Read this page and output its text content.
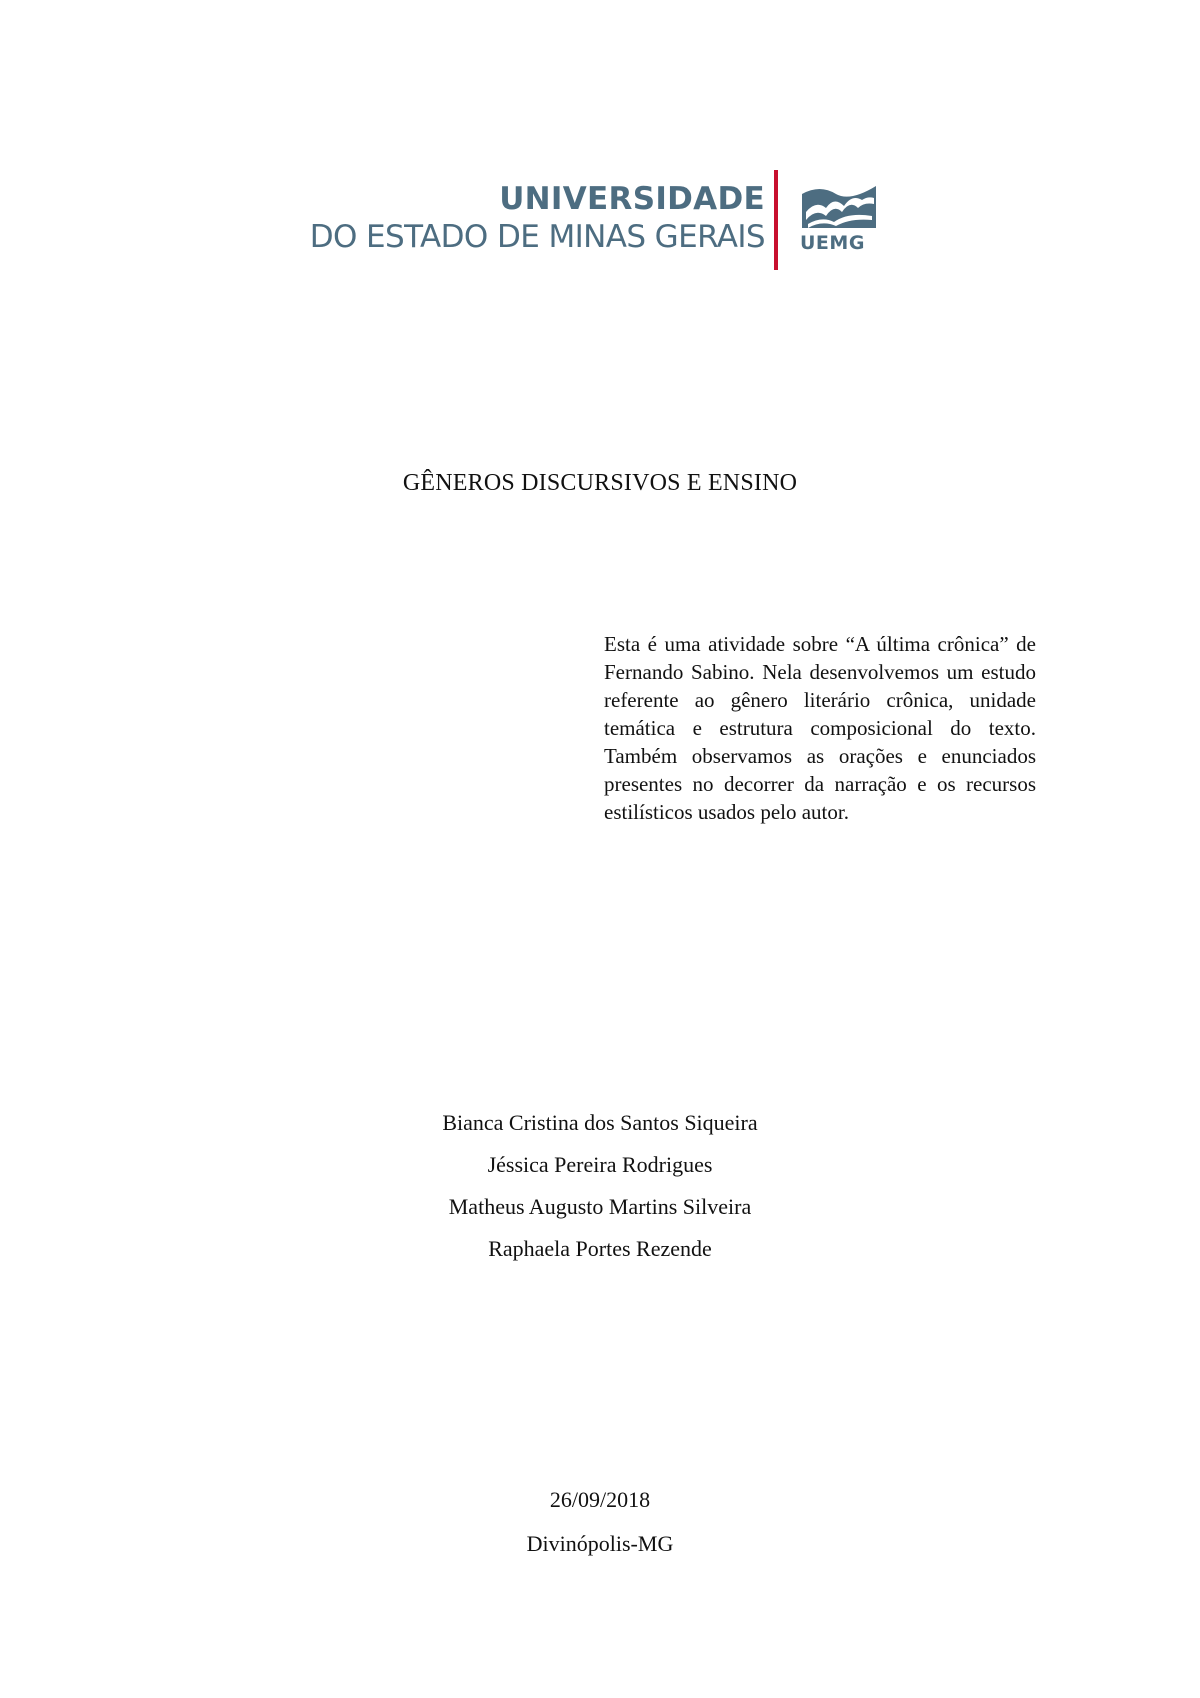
UNIVERSIDADE
DO ESTADO DE MINAS GERAIS UEMG
GÊNEROS DISCURSIVOS E ENSINO
Esta é uma atividade sobre “A última crônica” de Fernando Sabino. Nela desenvolvemos um estudo referente ao gênero literário crônica, unidade temática e estrutura composicional do texto. Também observamos as orações e enunciados presentes no decorrer da narração e os recursos estilísticos usados pelo autor.
Bianca Cristina dos Santos Siqueira
Jéssica Pereira Rodrigues
Matheus Augusto Martins Silveira
Raphaela Portes Rezende
26/09/2018
Divinópolis-MG
